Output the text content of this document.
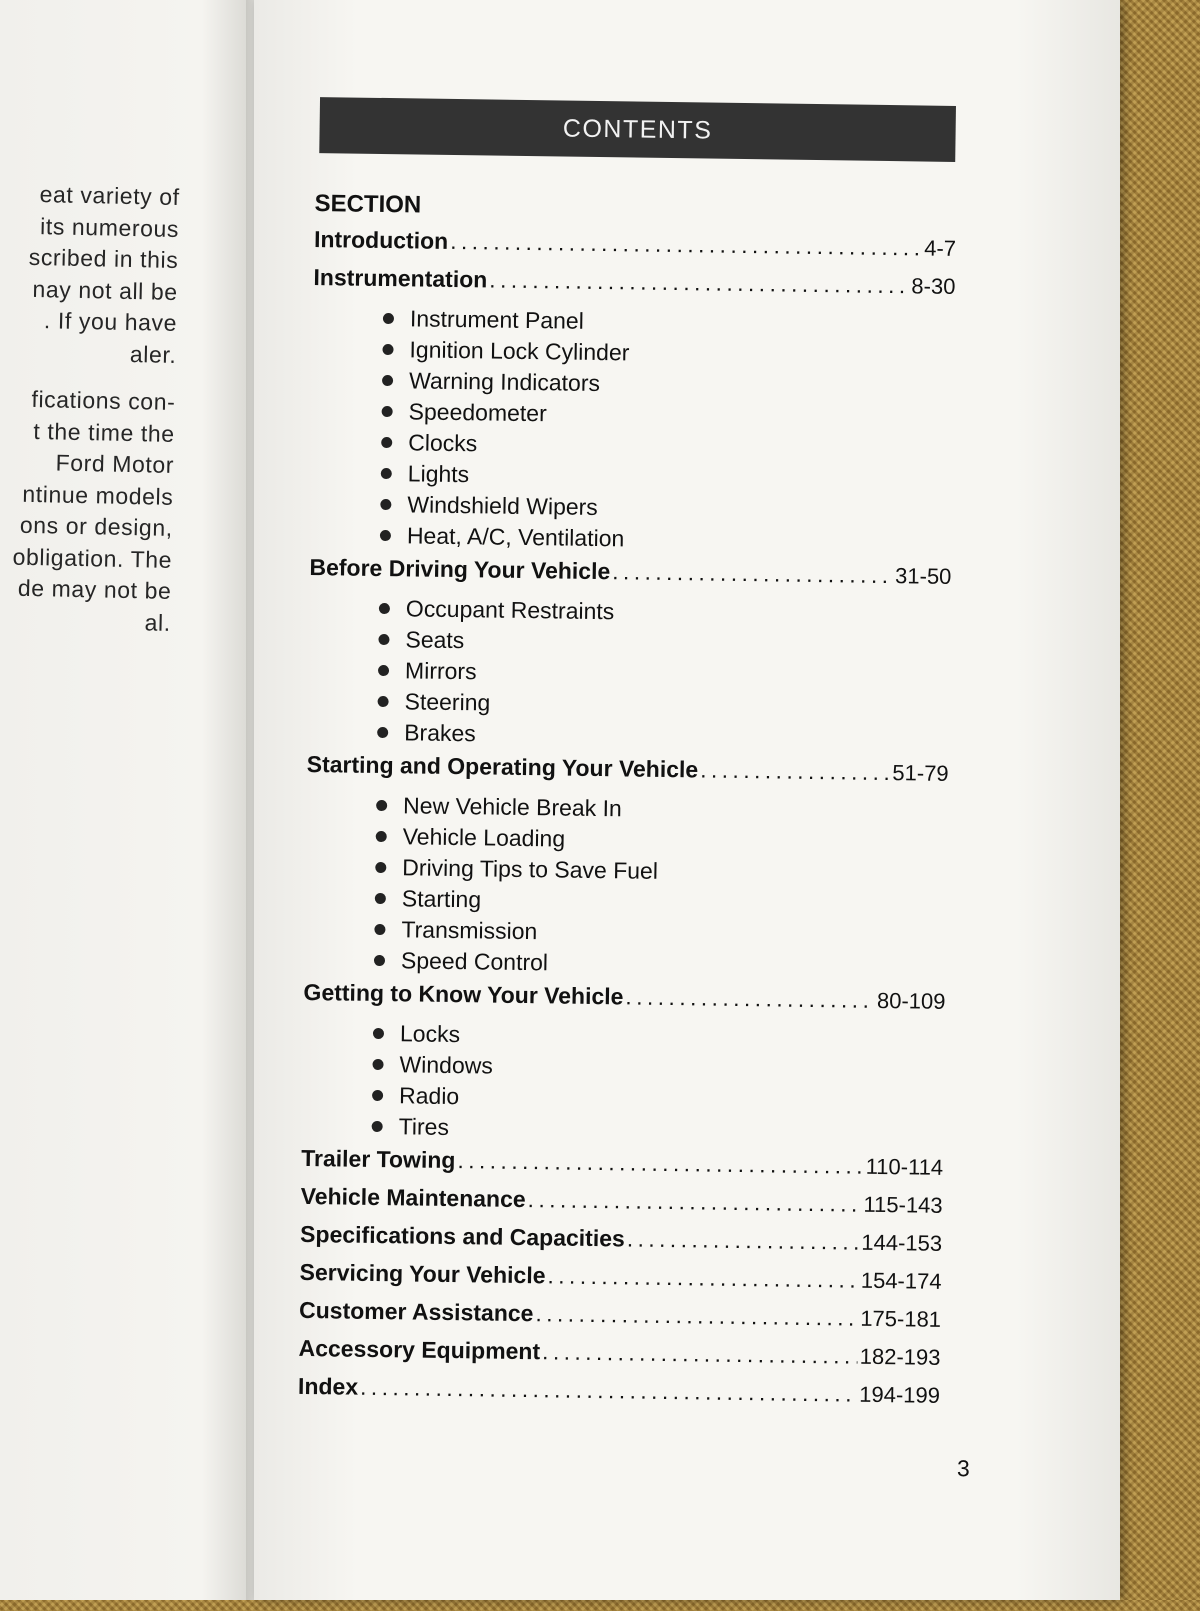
eat variety of
its numerous
scribed in this
nay not all be
. If you have
aler.
fications con-
t the time the
Ford Motor
ntinue models
ons or design,
obligation. The
de may not be
al.
CONTENTS
SECTION
Introduction . . .	4-7
Instrumentation . . .	8-30
Instrument Panel
Ignition Lock Cylinder
Warning Indicators
Speedometer
Clocks
Lights
Windshield Wipers
Heat, A/C, Ventilation
Before Driving Your Vehicle . . .	31-50
Occupant Restraints
Seats
Mirrors
Steering
Brakes
Starting and Operating Your Vehicle . . .	51-79
New Vehicle Break In
Vehicle Loading
Driving Tips to Save Fuel
Starting
Transmission
Speed Control
Getting to Know Your Vehicle . . .	80-109
Locks
Windows
Radio
Tires
Trailer Towing . . .	110-114
Vehicle Maintenance . . .	115-143
Specifications and Capacities . . .	144-153
Servicing Your Vehicle . . .	154-174
Customer Assistance . . .	175-181
Accessory Equipment . . .	182-193
Index . . .	194-199
3
